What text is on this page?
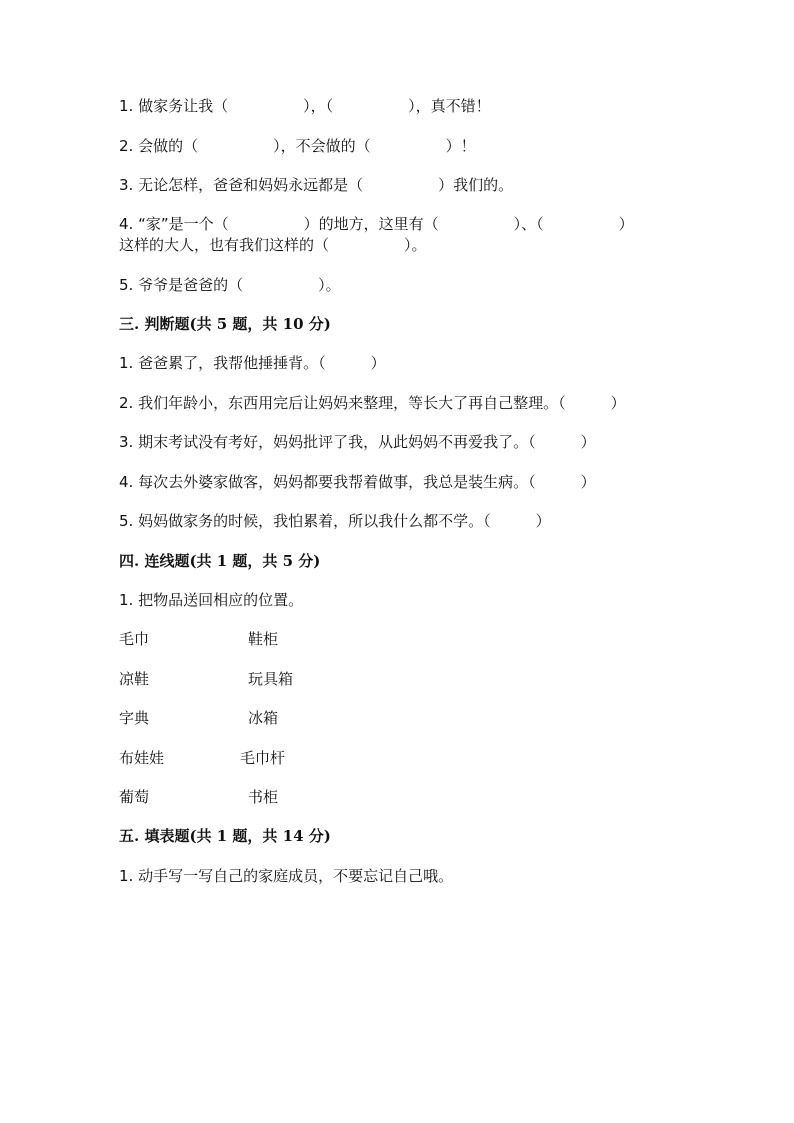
1. 做家务让我（　　　　　），（　　　　　），真不错！
2. 会做的（　　　　　），不会做的（　　　　　）！
3. 无论怎样，爸爸和妈妈永远都是（　　　　　）我们的。
4. “家”是一个（　　　　　）的地方，这里有（　　　　　）、（　　　　　）
这样的大人，也有我们这样的（　　　　　）。
5. 爷爷是爸爸的（　　　　　）。
三. 判断题(共 5 题，共 10 分)
1. 爸爸累了，我帮他捶捶背。（　　　）
2. 我们年龄小，东西用完后让妈妈来整理，等长大了再自己整理。（　　　）
3. 期末考试没有考好，妈妈批评了我，从此妈妈不再爱我了。（　　　）
4. 每次去外婆家做客，妈妈都要我帮着做事，我总是装生病。（　　　）
5. 妈妈做家务的时候，我怕累着，所以我什么都不学。（　　　）
四. 连线题(共 1 题，共 5 分)
1. 把物品送回相应的位置。
毛巾	鞋柜
凉鞋	玩具箱
字典	冰箱
布娃娃	毛巾杆
葡萄	书柜
五. 填表题(共 1 题，共 14 分)
1. 动手写一写自己的家庭成员，不要忘记自己哦。
